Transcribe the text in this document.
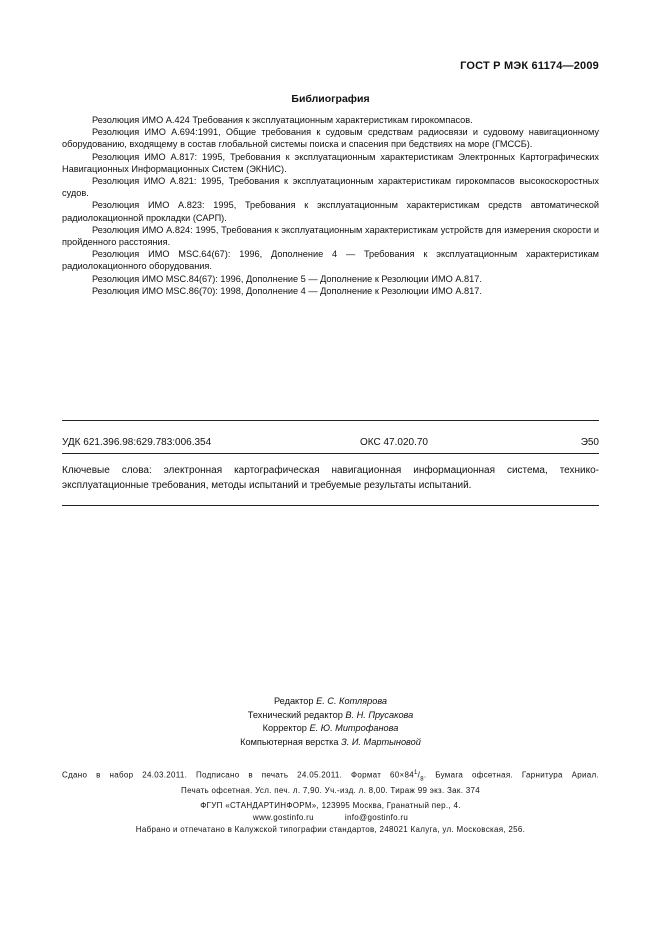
ГОСТ Р МЭК 61174—2009
Библиография

Резолюция ИМО А.424 Требования к эксплуатационным характеристикам гирокомпасов.

Резолюция ИМО А.694:1991, Общие требования к судовым средствам радиосвязи и судовому навигационному оборудованию, входящему в состав глобальной системы поиска и спасения при бедствиях на море (ГМССБ).

Резолюция ИМО А.817: 1995, Требования к эксплуатационным характеристикам Электронных Картографических Навигационных Информационных Систем (ЭКНИС).

Резолюция ИМО А.821: 1995, Требования к эксплуатационным характеристикам гирокомпасов высокоскоростных судов.

Резолюция ИМО А.823: 1995, Требования к эксплуатационным характеристикам средств автоматической радиолокационной прокладки (САРП).

Резолюция ИМО А.824: 1995, Требования к эксплуатационным характеристикам устройств для измерения скорости и пройденного расстояния.

Резолюция ИМО MSC.64(67): 1996, Дополнение 4 — Требования к эксплуатационным характеристикам радиолокационного оборудования.

Резолюция ИМО MSC.84(67): 1996, Дополнение 5 — Дополнение к Резолюции ИМО А.817.

Резолюция ИМО MSC.86(70): 1998, Дополнение 4 — Дополнение к Резолюции ИМО А.817.

УДК 621.396.98:629.783:006.354	ОКС 47.020.70	Э50
Ключевые слова: электронная картографическая навигационная информационная система, технико-эксплуатационные требования, методы испытаний и требуемые результаты испытаний.
Редактор Е. С. Котлярова
Технический редактор В. Н. Прусакова
Корректор Е. Ю. Митрофанова
Компьютерная верстка З. И. Мартыновой

Сдано в набор 24.03.2011. Подписано в печать 24.05.2011. Формат $60\times 84^1/_8$. Бумага офсетная. Гарнитура Ариал.

Печать офсетная. Усл. печ. л. 7,90. Уч.-изд. л. 8,00. Тираж 99 экз. Зак. 374

ФГУП «СТАНДАРТИНФОРМ», 123995 Москва, Гранатный пер., 4.
www.gostinfo.ru	info@gostinfo.ru
Набрано и отпечатано в Калужской типографии стандартов, 248021 Калуга, ул. Московская, 256.
